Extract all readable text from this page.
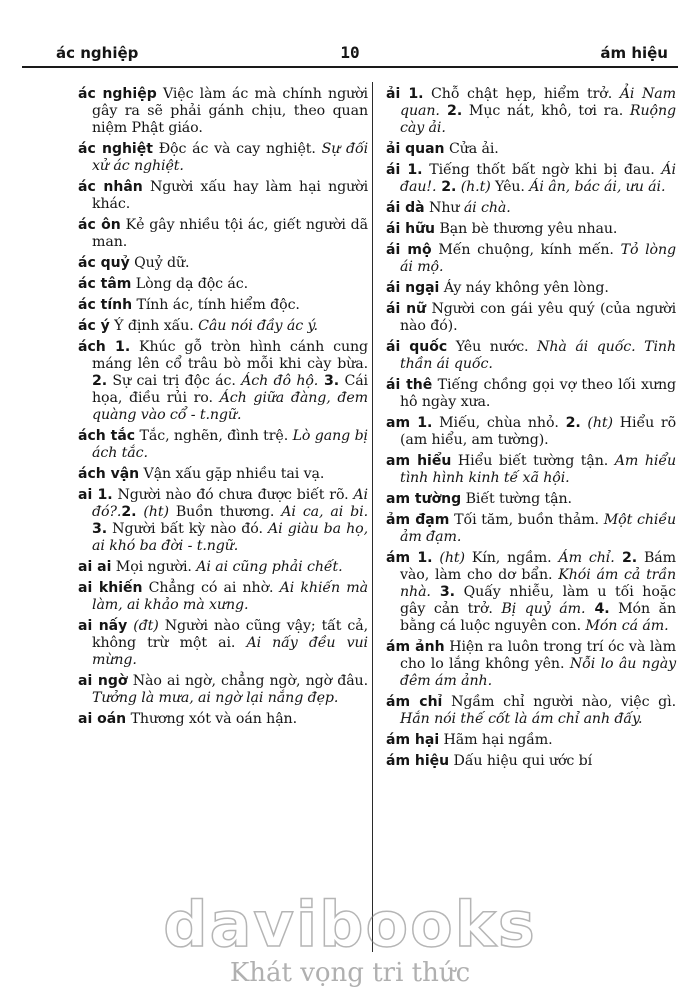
ác nghiệp	10	ám hiệu

ác nghiệp Việc làm ác mà chính người gây ra sẽ phải gánh chịu, theo quan niệm Phật giáo.

ác nghiệt Độc ác và cay nghiệt. Sự đối xử ác nghiệt.

ác nhân Người xấu hay làm hại người khác.

ác ôn Kẻ gây nhiều tội ác, giết người dã man.

ác quỷ Quỷ dữ.

ác tâm Lòng dạ độc ác.

ác tính Tính ác, tính hiểm độc.

ác ý Ý định xấu. Câu nói đầy ác ý.

ách 1. Khúc gỗ tròn hình cánh cung máng lên cổ trâu bò mỗi khi cày bừa. 2. Sự cai trị độc ác. Ách đô hộ. 3. Cái họa, điều rủi ro. Ách giữa đàng, đem quàng vào cổ - t.ngữ.

ách tắc Tắc, nghẽn, đình trệ. Lò gang bị ách tắc.

ách vận Vận xấu gặp nhiều tai vạ.

ai 1. Người nào đó chưa được biết rõ. Ai đó?.2. (ht) Buồn thương. Ai ca, ai bi. 3. Người bất kỳ nào đó. Ai giàu ba họ, ai khó ba đời - t.ngữ.

ai ai Mọi người. Ai ai cũng phải chết.

ai khiến Chẳng có ai nhờ. Ai khiến mà làm, ai khảo mà xưng.

ai nấy (đt) Người nào cũng vậy; tất cả, không trừ một ai. Ai nấy đều vui mừng.

ai ngờ Nào ai ngờ, chẳng ngờ, ngờ đâu. Tưởng là mưa, ai ngờ lại nắng đẹp.

ai oán Thương xót và oán hận.

ải 1. Chỗ chật hẹp, hiểm trở. Ải Nam quan. 2. Mục nát, khô, tơi ra. Ruộng cày ải.

ải quan Cửa ải.

ái 1. Tiếng thốt bất ngờ khi bị đau. Ái đau!. 2. (h.t) Yêu. Ái ân, bác ái, ưu ái.

ái dà Như ái chà.

ái hữu Bạn bè thương yêu nhau.

ái mộ Mến chuộng, kính mến. Tỏ lòng ái mộ.

ái ngại Áy náy không yên lòng.

ái nữ Người con gái yêu quý (của người nào đó).

ái quốc Yêu nước. Nhà ái quốc. Tinh thần ái quốc.

ái thê Tiếng chồng gọi vợ theo lối xưng hô ngày xưa.

am 1. Miếu, chùa nhỏ. 2. (ht) Hiểu rõ (am hiểu, am tường).

am hiểu Hiểu biết tường tận. Am hiểu tình hình kinh tế xã hội.

am tường Biết tường tận.

ảm đạm Tối tăm, buồn thảm. Một chiều ảm đạm.

ám 1. (ht) Kín, ngầm. Ám chỉ. 2. Bám vào, làm cho dơ bẩn. Khói ám cả trần nhà. 3. Quấy nhiễu, làm u tối hoặc gây cản trở. Bị quỷ ám. 4. Món ăn bằng cá luộc nguyên con. Món cá ám.

ám ảnh Hiện ra luôn trong trí óc và làm cho lo lắng không yên. Nỗi lo âu ngày đêm ám ảnh.

ám chỉ Ngầm chỉ người nào, việc gì. Hắn nói thế cốt là ám chỉ anh đấy.

ám hại Hãm hại ngầm.

ám hiệu Dấu hiệu qui ước bí

davibooks
Khát vọng tri thức
